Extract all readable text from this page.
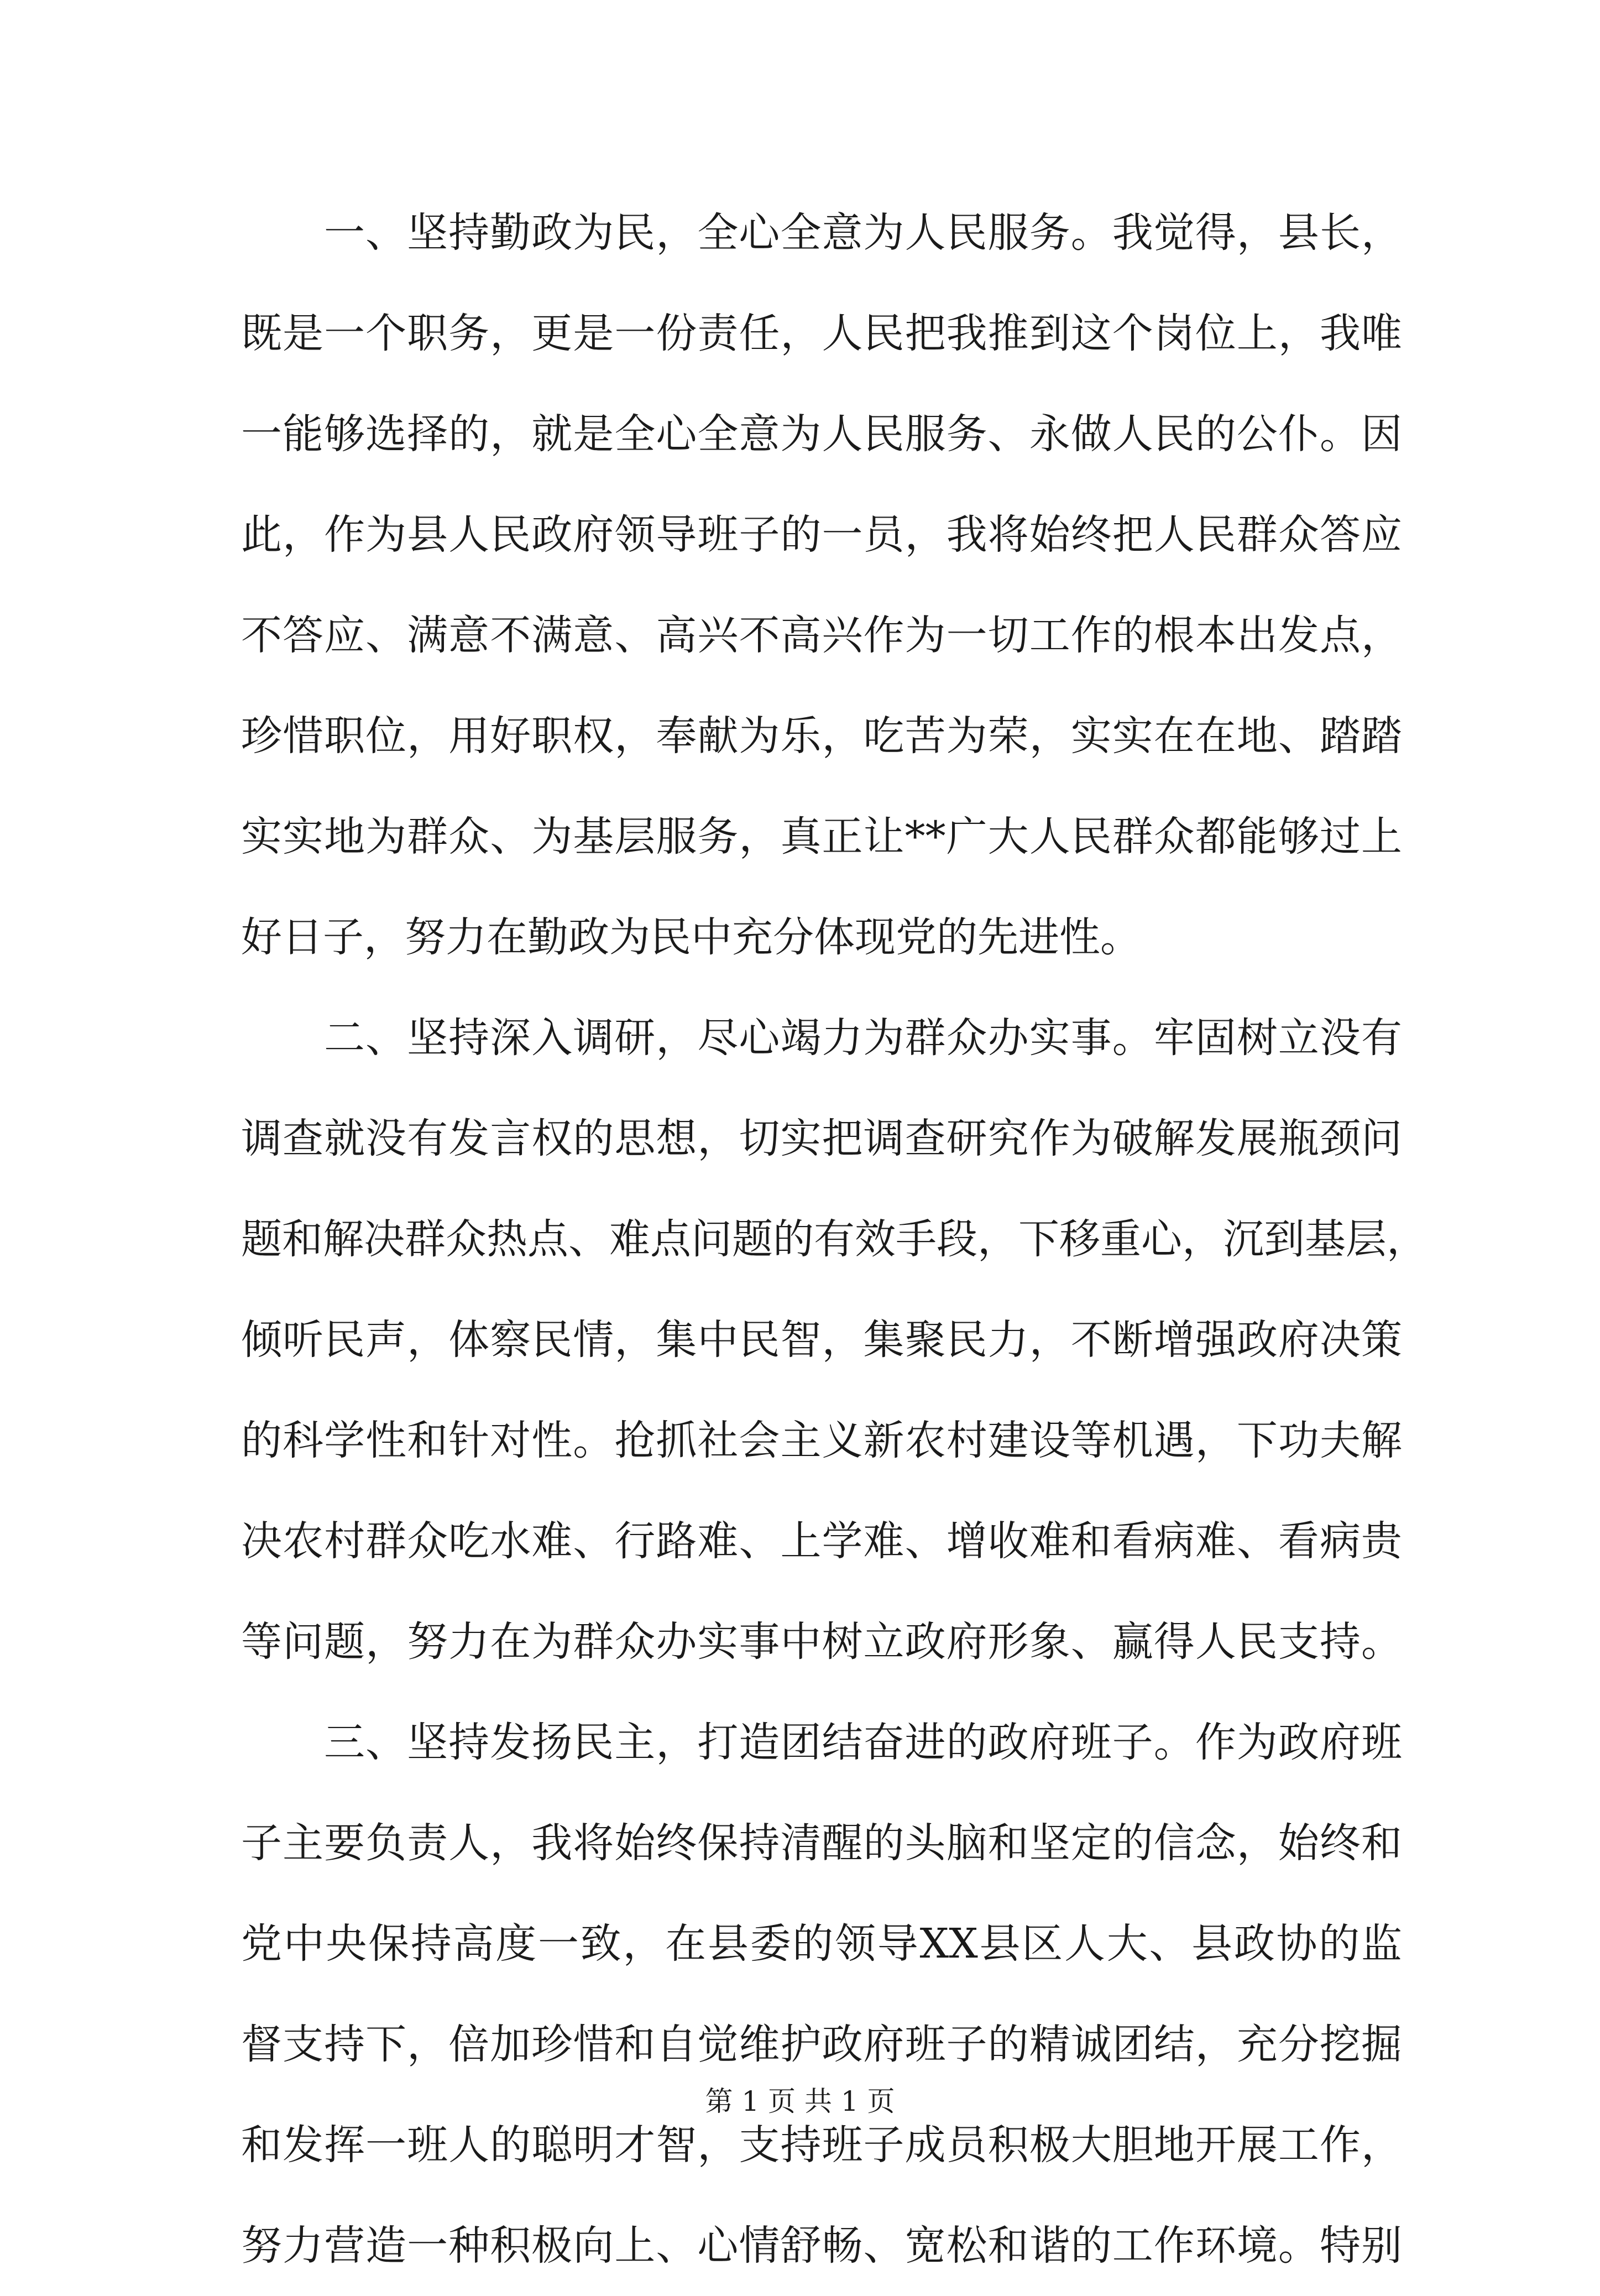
一、坚持勤政为民，全心全意为人民服务。我觉得，县长，
既是一个职务，更是一份责任，人民把我推到这个岗位上，我唯
一能够选择的，就是全心全意为人民服务、永做人民的公仆。因
此，作为县人民政府领导班子的一员，我将始终把人民群众答应
不答应、满意不满意、高兴不高兴作为一切工作的根本出发点，
珍惜职位，用好职权，奉献为乐，吃苦为荣，实实在在地、踏踏
实实地为群众、为基层服务，真正让**广大人民群众都能够过上
好日子，努力在勤政为民中充分体现党的先进性。
二、坚持深入调研，尽心竭力为群众办实事。牢固树立没有
调查就没有发言权的思想，切实把调查研究作为破解发展瓶颈问
题和解决群众热点、难点问题的有效手段，下移重心，沉到基层，
倾听民声，体察民情，集中民智，集聚民力，不断增强政府决策
的科学性和针对性。抢抓社会主义新农村建设等机遇，下功夫解
决农村群众吃水难、行路难、上学难、增收难和看病难、看病贵
等问题，努力在为群众办实事中树立政府形象、赢得人民支持。
三、坚持发扬民主，打造团结奋进的政府班子。作为政府班
子主要负责人，我将始终保持清醒的头脑和坚定的信念，始终和
党中央保持高度一致，在县委的领导XX县区人大、县政协的监
督支持下，倍加珍惜和自觉维护政府班子的精诚团结，充分挖掘
和发挥一班人的聪明才智，支持班子成员积极大胆地开展工作，
努力营造一种积极向上、心情舒畅、宽松和谐的工作环境。特别
第 1 页 共 1 页
